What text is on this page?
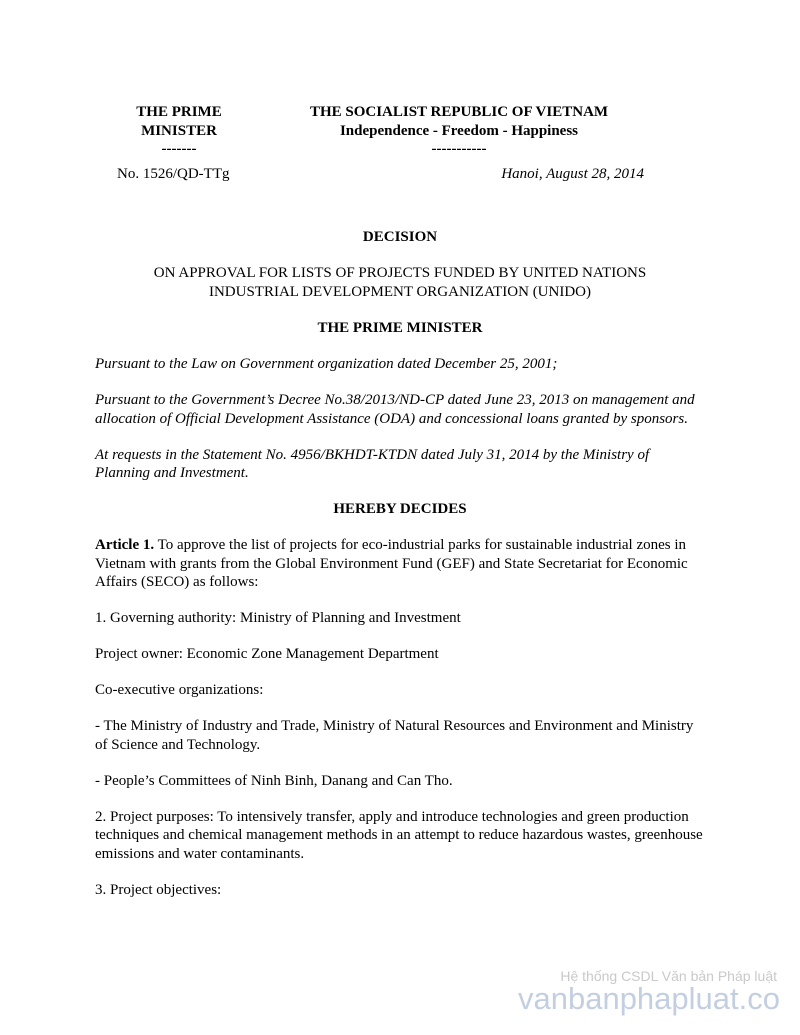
THE PRIME
MINISTER
-------
THE SOCIALIST REPUBLIC OF VIETNAM
Independence - Freedom - Happiness
-----------
No. 1526/QD-TTg	Hanoi, August 28, 2014
DECISION
ON APPROVAL FOR LISTS OF PROJECTS FUNDED BY UNITED NATIONS
INDUSTRIAL DEVELOPMENT ORGANIZATION (UNIDO)
THE PRIME MINISTER

Pursuant to the Law on Government organization dated December 25, 2001;

Pursuant to the Government’s Decree No.38/2013/ND-CP dated June 23, 2013 on management and allocation of Official Development Assistance (ODA) and concessional loans granted by sponsors.

At requests in the Statement No. 4956/BKHDT-KTDN dated July 31, 2014 by the Ministry of Planning and Investment.

HEREBY DECIDES

Article 1. To approve the list of projects for eco-industrial parks for sustainable industrial zones in Vietnam with grants from the Global Environment Fund (GEF) and State Secretariat for Economic Affairs (SECO) as follows:

1. Governing authority: Ministry of Planning and Investment

Project owner: Economic Zone Management Department

Co-executive organizations:

- The Ministry of Industry and Trade, Ministry of Natural Resources and Environment and Ministry of Science and Technology.

- People’s Committees of Ninh Binh, Danang and Can Tho.

2. Project purposes: To intensively transfer, apply and introduce technologies and green production techniques and chemical management methods in an attempt to reduce hazardous wastes, greenhouse emissions and water contaminants.

3. Project objectives:

Hệ thống CSDL Văn bản Pháp luật
vanbanphapluat.co
